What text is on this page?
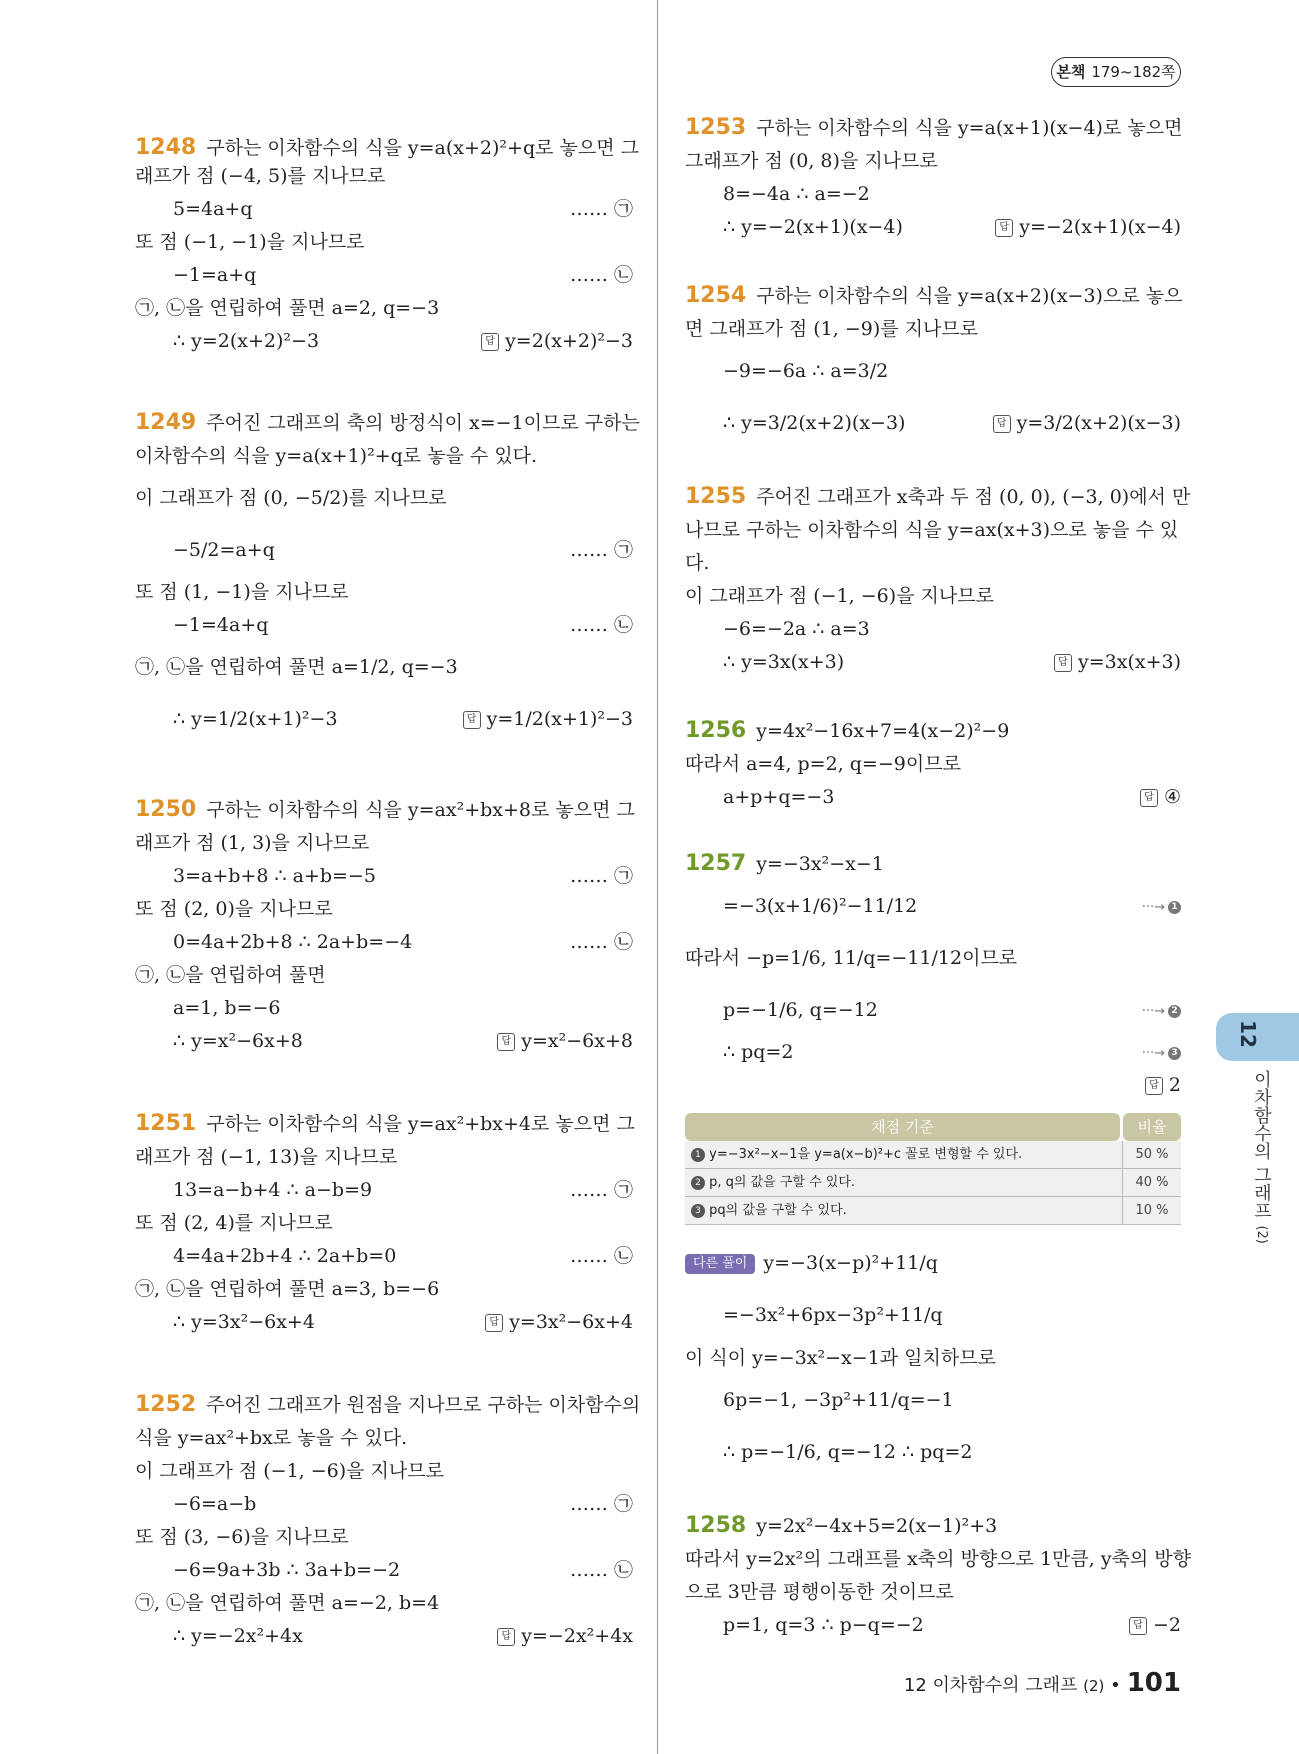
본책 179~182쪽
1248 구하는 이차함수의 식을 y=a(x+2)²+q로 놓으면 그
래프가 점 (−4, 5)를 지나므로
5=4a+q	…… ㉠
또 점 (−1, −1)을 지나므로
−1=a+q	…… ㉡
㉠, ㉡을 연립하여 풀면 a=2, q=−3
∴ y=2(x+2)²−3	답 y=2(x+2)²−3
1249 주어진 그래프의 축의 방정식이 x=−1이므로 구하는
이차함수의 식을 y=a(x+1)²+q로 놓을 수 있다.
이 그래프가 점 (0, −5/2)를 지나므로
−5/2=a+q	…… ㉠
또 점 (1, −1)을 지나므로
−1=4a+q	…… ㉡
㉠, ㉡을 연립하여 풀면 a=1/2, q=−3
∴ y=1/2(x+1)²−3	답 y=1/2(x+1)²−3
1250 구하는 이차함수의 식을 y=ax²+bx+8로 놓으면 그
래프가 점 (1, 3)을 지나므로
3=a+b+8 ∴ a+b=−5	…… ㉠
또 점 (2, 0)을 지나므로
0=4a+2b+8 ∴ 2a+b=−4	…… ㉡
㉠, ㉡을 연립하여 풀면
a=1, b=−6
∴ y=x²−6x+8	답 y=x²−6x+8
1251 구하는 이차함수의 식을 y=ax²+bx+4로 놓으면 그
래프가 점 (−1, 13)을 지나므로
13=a−b+4 ∴ a−b=9	…… ㉠
또 점 (2, 4)를 지나므로
4=4a+2b+4 ∴ 2a+b=0	…… ㉡
㉠, ㉡을 연립하여 풀면 a=3, b=−6
∴ y=3x²−6x+4	답 y=3x²−6x+4
1252 주어진 그래프가 원점을 지나므로 구하는 이차함수의
식을 y=ax²+bx로 놓을 수 있다.
이 그래프가 점 (−1, −6)을 지나므로
−6=a−b	…… ㉠
또 점 (3, −6)을 지나므로
−6=9a+3b ∴ 3a+b=−2	…… ㉡
㉠, ㉡을 연립하여 풀면 a=−2, b=4
∴ y=−2x²+4x	답 y=−2x²+4x
1253 구하는 이차함수의 식을 y=a(x+1)(x−4)로 놓으면
그래프가 점 (0, 8)을 지나므로
8=−4a ∴ a=−2
∴ y=−2(x+1)(x−4)	답 y=−2(x+1)(x−4)
1254 구하는 이차함수의 식을 y=a(x+2)(x−3)으로 놓으
면 그래프가 점 (1, −9)를 지나므로
−9=−6a ∴ a=3/2
∴ y=3/2(x+2)(x−3)	답 y=3/2(x+2)(x−3)
1255 주어진 그래프가 x축과 두 점 (0, 0), (−3, 0)에서 만
나므로 구하는 이차함수의 식을 y=ax(x+3)으로 놓을 수 있
다.
이 그래프가 점 (−1, −6)을 지나므로
−6=−2a ∴ a=3
∴ y=3x(x+3)	답 y=3x(x+3)
1256 y=4x²−16x+7=4(x−2)²−9
따라서 a=4, p=2, q=−9이므로
a+p+q=−3	답 ④
1257 y=−3x²−x−1
=−3(x+1/6)²−11/12	···→ 1
따라서 −p=1/6, 11/q=−11/12이므로
p=−1/6, q=−12	···→ 2
∴ pq=2	···→ 3
답 2
다른 풀이 y=−3(x−p)²+11/q
=−3x²+6px−3p²+11/q
이 식이 y=−3x²−x−1과 일치하므로
6p=−1, −3p²+11/q=−1
∴ p=−1/6, q=−12 ∴ pq=2
1258 y=2x²−4x+5=2(x−1)²+3
따라서 y=2x²의 그래프를 x축의 방향으로 1만큼, y축의 방향
으로 3만큼 평행이동한 것이므로
p=1, q=3 ∴ p−q=−2	답 −2
채점 기준	비율
1 y=−3x²−x−1을 y=a(x−b)²+c 꼴로 변형할 수 있다.	50 %
2 p, q의 값을 구할 수 있다.	40 %
3 pq의 값을 구할 수 있다.	10 %
12
이차함수의 그래프 (2)
12 이차함수의 그래프 (2) • 101
